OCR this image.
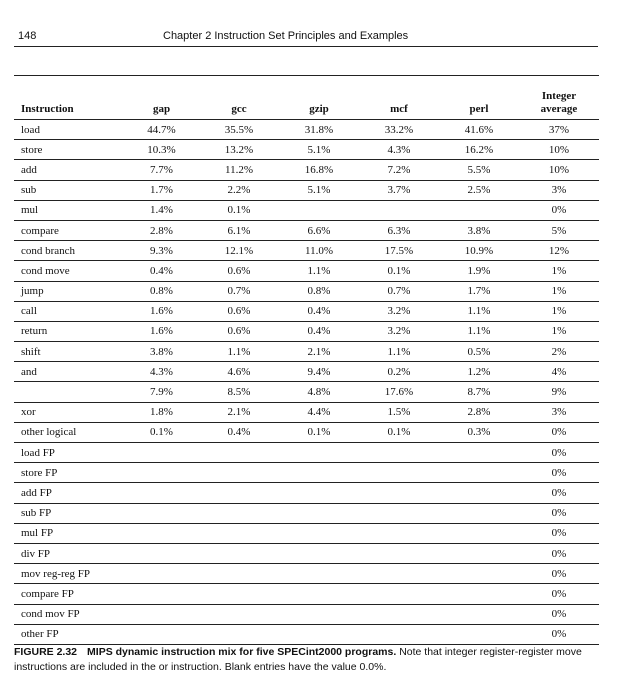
148	Chapter 2 Instruction Set Principles and Examples
Instruction	gap	gcc	gzip	mcf	perl	Integer
average
load	44.7%	35.5%	31.8%	33.2%	41.6%	37%
store	10.3%	13.2%	5.1%	4.3%	16.2%	10%
add	7.7%	11.2%	16.8%	7.2%	5.5%	10%
sub	1.7%	2.2%	5.1%	3.7%	2.5%	3%
mul	1.4%	0.1%				0%
compare	2.8%	6.1%	6.6%	6.3%	3.8%	5%
cond branch	9.3%	12.1%	11.0%	17.5%	10.9%	12%
cond move	0.4%	0.6%	1.1%	0.1%	1.9%	1%
jump	0.8%	0.7%	0.8%	0.7%	1.7%	1%
call	1.6%	0.6%	0.4%	3.2%	1.1%	1%
return	1.6%	0.6%	0.4%	3.2%	1.1%	1%
shift	3.8%	1.1%	2.1%	1.1%	0.5%	2%
and	4.3%	4.6%	9.4%	0.2%	1.2%	4%
	7.9%	8.5%	4.8%	17.6%	8.7%	9%
xor	1.8%	2.1%	4.4%	1.5%	2.8%	3%
other logical	0.1%	0.4%	0.1%	0.1%	0.3%	0%
load FP						0%
store FP						0%
add FP						0%
sub FP						0%
mul FP						0%
div FP						0%
mov reg-reg FP						0%
compare FP						0%
cond mov FP						0%
other FP						0%
FIGURE 2.32 MIPS dynamic instruction mix for five SPECint2000 programs. Note that integer register-register move instructions are included in the or instruction. Blank entries have the value 0.0%.
